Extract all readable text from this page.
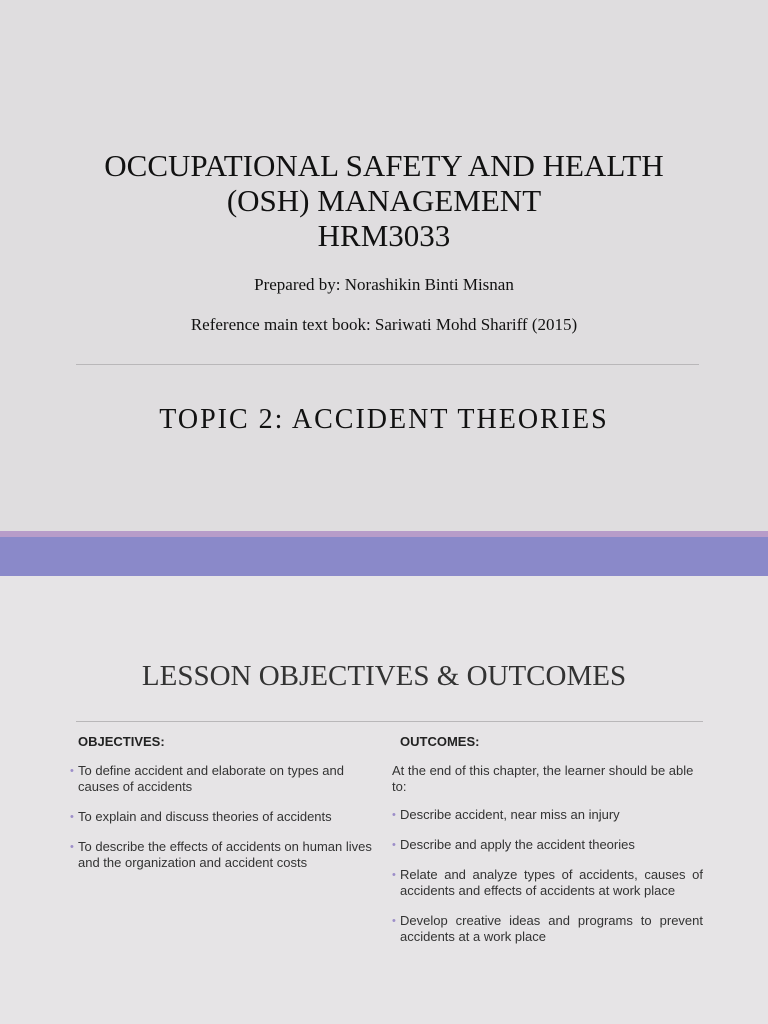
OCCUPATIONAL SAFETY AND HEALTH
(OSH) MANAGEMENT
HRM3033

Prepared by: Norashikin Binti Misnan

Reference main text book: Sariwati Mohd Shariff (2015)

TOPIC 2: ACCIDENT THEORIES
LESSON OBJECTIVES & OUTCOMES
OBJECTIVES:
• To define accident and elaborate on types and causes of accidents
• To explain and discuss theories of accidents
• To describe the effects of accidents on human lives and the organization and accident costs
OUTCOMES:
At the end of this chapter, the learner should be able to:
• Describe accident, near miss an injury
• Describe and apply the accident theories
• Relate and analyze types of accidents, causes of accidents and effects of accidents at work place
• Develop creative ideas and programs to prevent accidents at a work place
